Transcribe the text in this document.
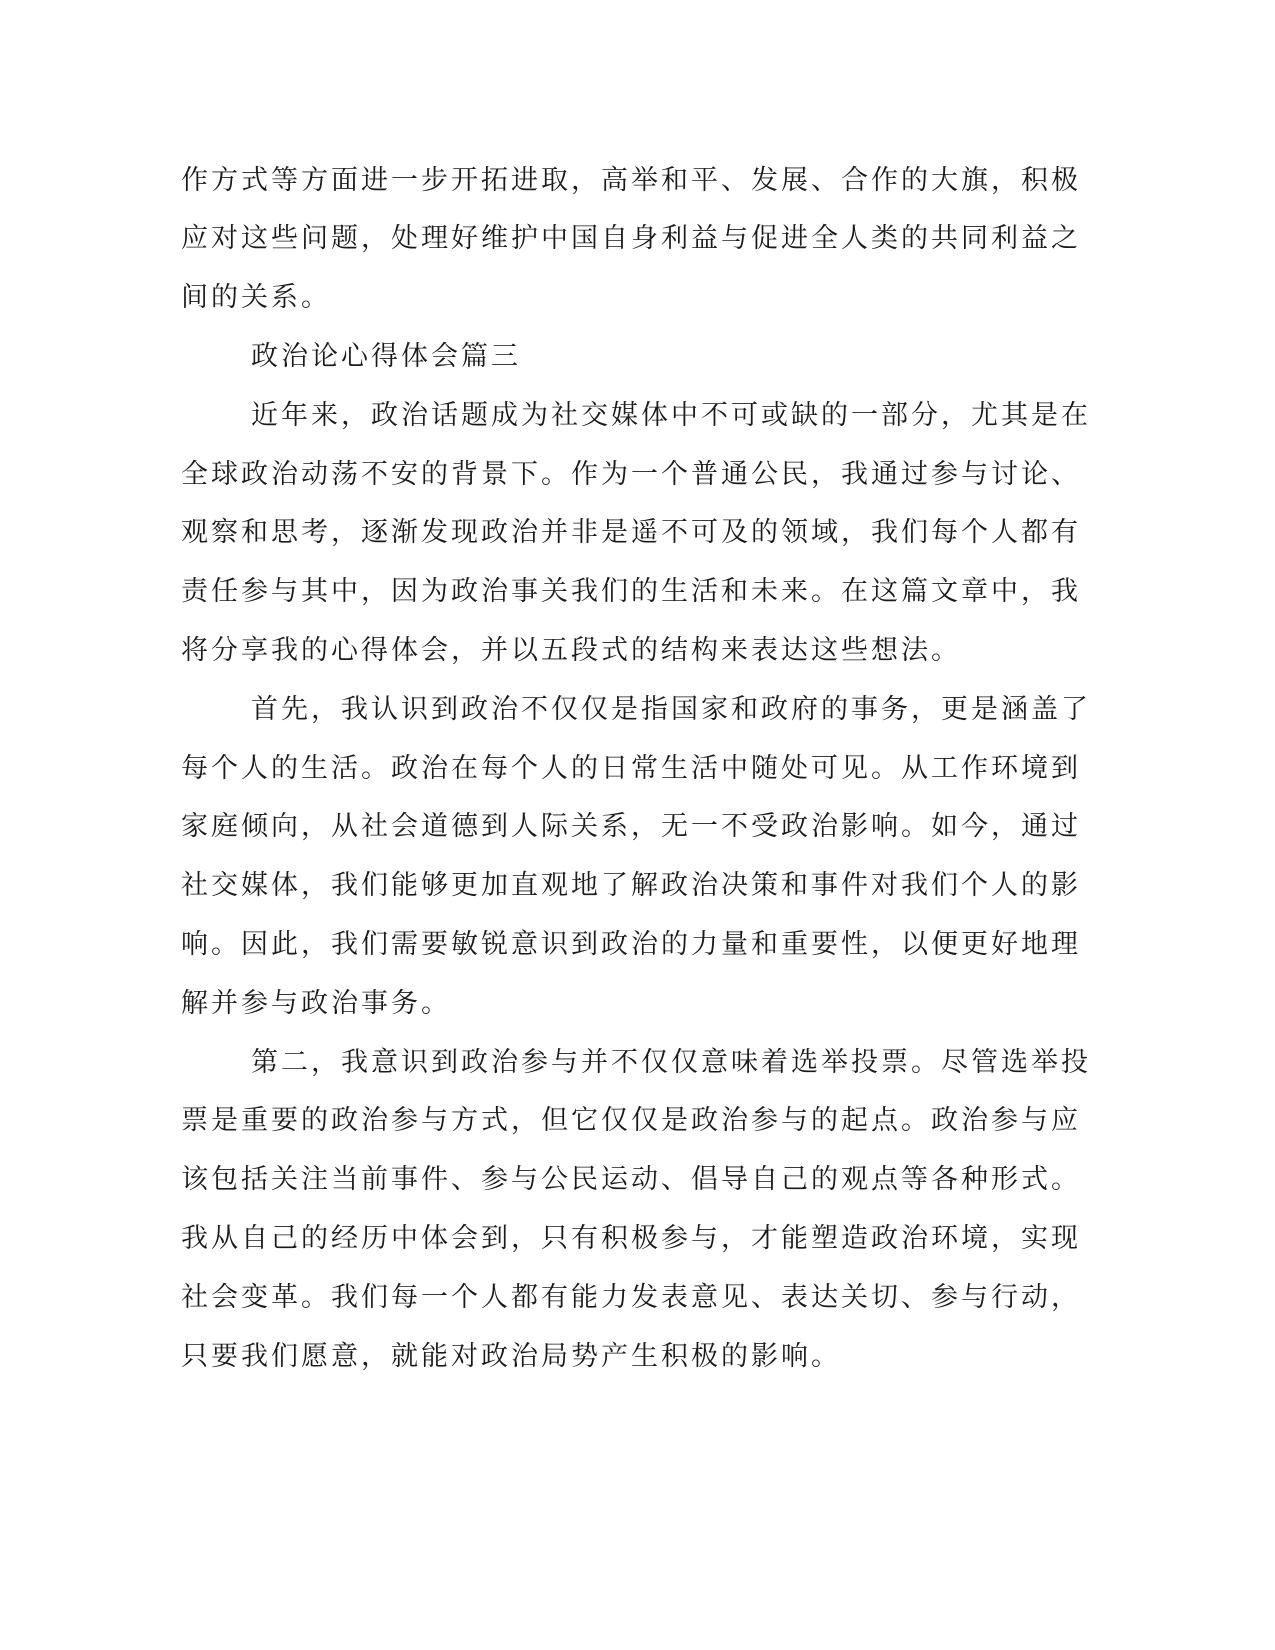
作方式等方面进一步开拓进取，高举和平、发展、合作的大旗，积极

应对这些问题，处理好维护中国自身利益与促进全人类的共同利益之

间的关系。

政治论心得体会篇三

近年来，政治话题成为社交媒体中不可或缺的一部分，尤其是在

全球政治动荡不安的背景下。作为一个普通公民，我通过参与讨论、

观察和思考，逐渐发现政治并非是遥不可及的领域，我们每个人都有

责任参与其中，因为政治事关我们的生活和未来。在这篇文章中，我

将分享我的心得体会，并以五段式的结构来表达这些想法。

首先，我认识到政治不仅仅是指国家和政府的事务，更是涵盖了

每个人的生活。政治在每个人的日常生活中随处可见。从工作环境到

家庭倾向，从社会道德到人际关系，无一不受政治影响。如今，通过

社交媒体，我们能够更加直观地了解政治决策和事件对我们个人的影

响。因此，我们需要敏锐意识到政治的力量和重要性，以便更好地理

解并参与政治事务。

第二，我意识到政治参与并不仅仅意味着选举投票。尽管选举投

票是重要的政治参与方式，但它仅仅是政治参与的起点。政治参与应

该包括关注当前事件、参与公民运动、倡导自己的观点等各种形式。

我从自己的经历中体会到，只有积极参与，才能塑造政治环境，实现

社会变革。我们每一个人都有能力发表意见、表达关切、参与行动，

只要我们愿意，就能对政治局势产生积极的影响。
